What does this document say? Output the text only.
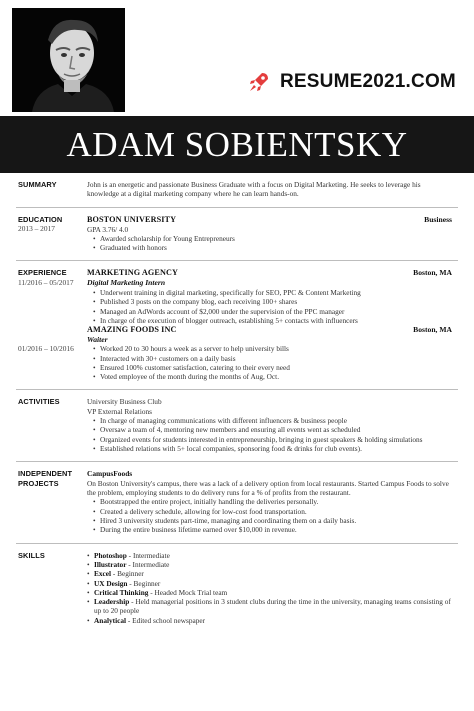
RESUME2021.COM
ADAM SOBIENTSKY
SUMMARY	John is an energetic and passionate Business Graduate with a focus on Digital Marketing. He seeks to leverage his knowledge at a digital marketing company where he can learn hands-on.
EDUCATION
2013 – 2017
BOSTON UNIVERSITY	Business
GPA 3.76/ 4.0
• Awarded scholarship for Young Entrepreneurs
• Graduated with honors
EXPERIENCE
11/2016 – 05/2017
MARKETING AGENCY	Boston, MA
Digital Marketing Intern
• Underwent training in digital marketing, specifically for SEO, PPC & Content Marketing
• Published 3 posts on the company blog, each receiving 100+ shares
• Managed an AdWords account of $2,000 under the supervision of the PPC manager
• In charge of the execution of blogger outreach, establishing 5+ contacts with influencers

01/2016 – 10/2016
AMAZING FOODS INC	Boston, MA
Waiter
• Worked 20 to 30 hours a week as a server to help university bills
• Interacted with 30+ customers on a daily basis
• Ensured 100% customer satisfaction, catering to their every need
• Voted employee of the month during the months of Aug, Oct.
ACTIVITIES	University Business Club
VP External Relations
• In charge of managing communications with different influencers & business people
• Oversaw a team of 4, mentoring new members and ensuring all events went as scheduled
• Organized events for students interested in entrepreneurship, bringing in guest speakers & holding simulations
• Established relations with 5+ local companies, sponsoring food & drinks for club events).
INDEPENDENT
PROJECTS
CampusFoods
On Boston University's campus, there was a lack of a delivery option from local restaurants. Started Campus Foods to solve the problem, employing students to do delivery runs for a % of profits from the restaurant.
• Bootstrapped the entire project, initially handling the deliveries personally.
• Created a delivery schedule, allowing for low-cost food transportation.
• Hired 3 university students part-time, managing and coordinating them on a daily basis.
• During the entire business lifetime earned over $10,000 in revenue.
SKILLS
•	Photoshop - Intermediate
• Illustrator - Intermediate
• Excel - Beginner
• UX Design - Beginner
• Critical Thinking - Headed Mock Trial team
• Leadership - Held managerial positions in 3 student clubs during the time in the university, managing teams consisting of up to 20 people
• Analytical - Edited school newspaper
